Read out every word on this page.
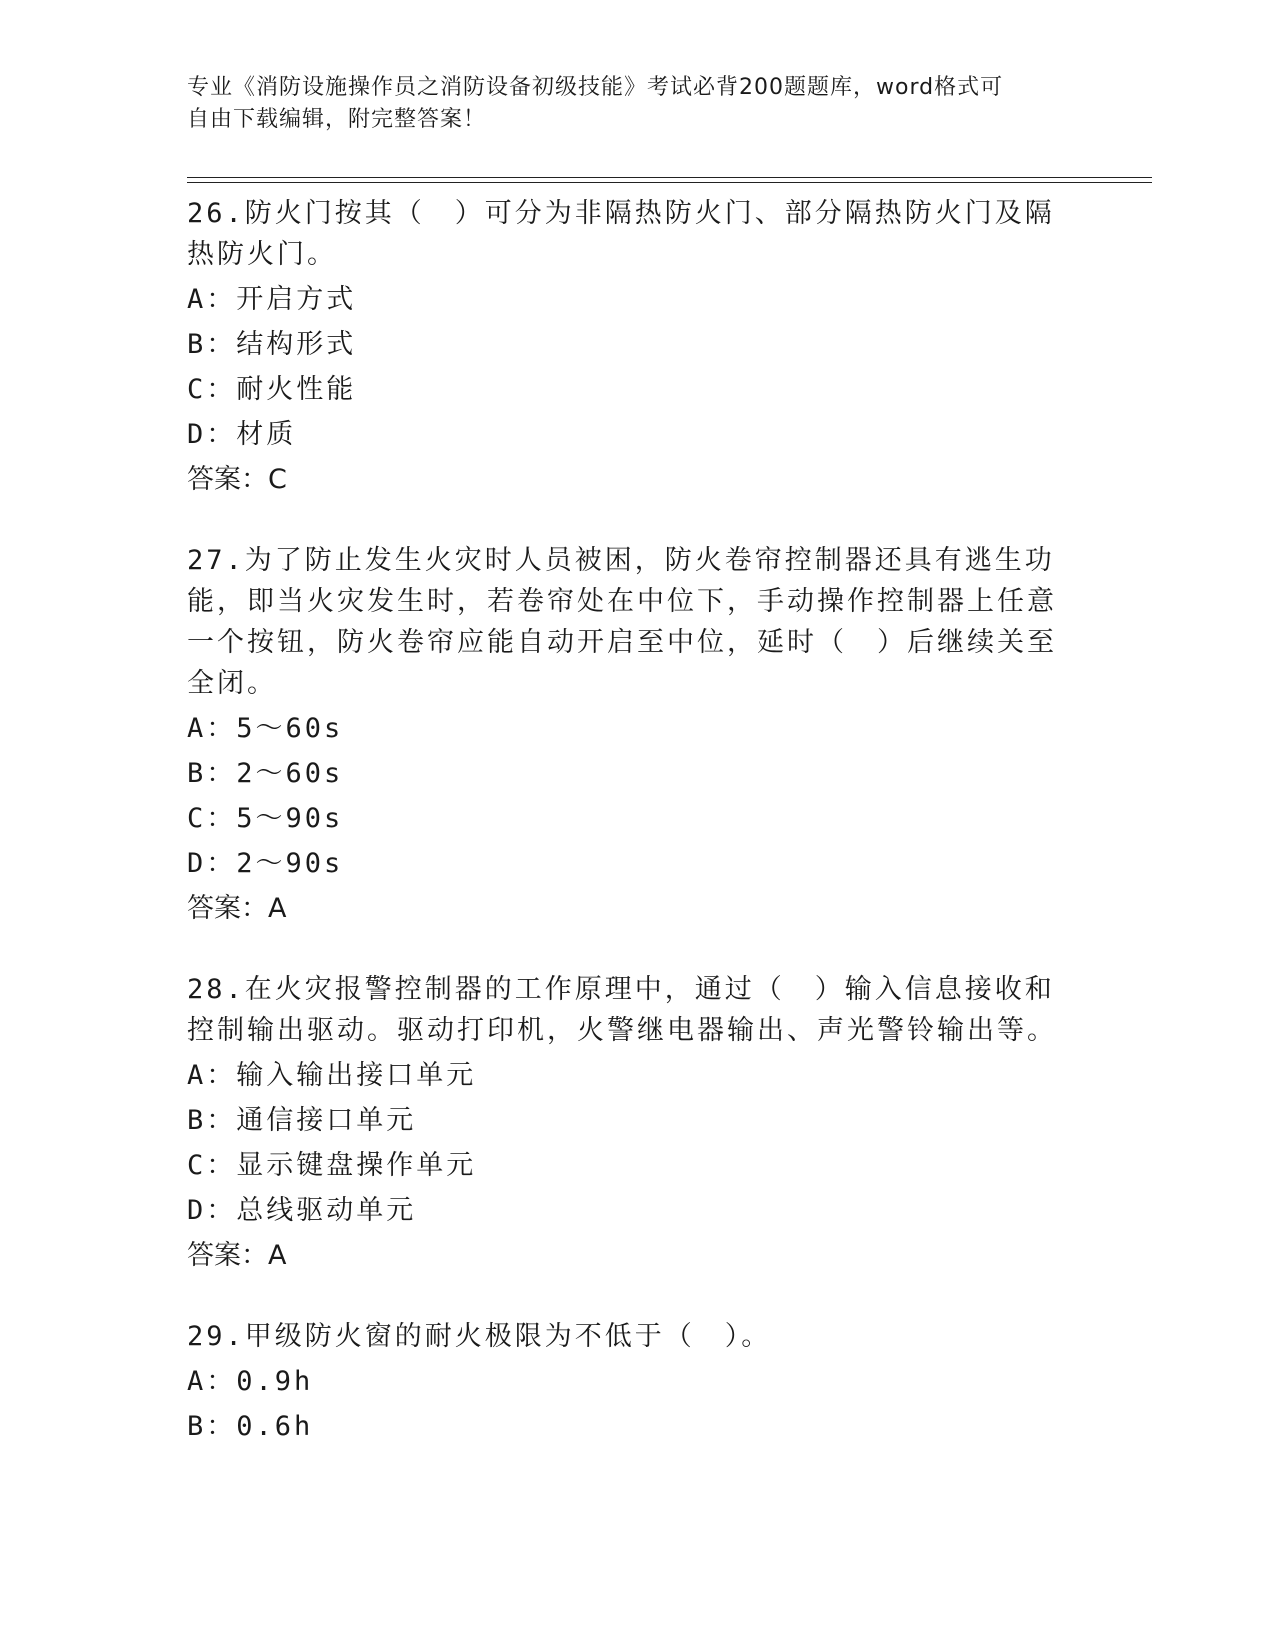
专业《消防设施操作员之消防设备初级技能》考试必背200题题库，word格式可
自由下载编辑，附完整答案！
26.防火门按其（　）可分为非隔热防火门、部分隔热防火门及隔热防火门。
A：开启方式
B：结构形式
C：耐火性能
D：材质
答案：C
27.为了防止发生火灾时人员被困，防火卷帘控制器还具有逃生功能，即当火灾发生时，若卷帘处在中位下，手动操作控制器上任意一个按钮，防火卷帘应能自动开启至中位，延时（　）后继续关至全闭。
A：5～60s
B：2～60s
C：5～90s
D：2～90s
答案：A
28.在火灾报警控制器的工作原理中，通过（　）输入信息接收和控制输出驱动。驱动打印机，火警继电器输出、声光警铃输出等。
A：输入输出接口单元
B：通信接口单元
C：显示键盘操作单元
D：总线驱动单元
答案：A
29.甲级防火窗的耐火极限为不低于（　）。
A：0.9h
B：0.6h
